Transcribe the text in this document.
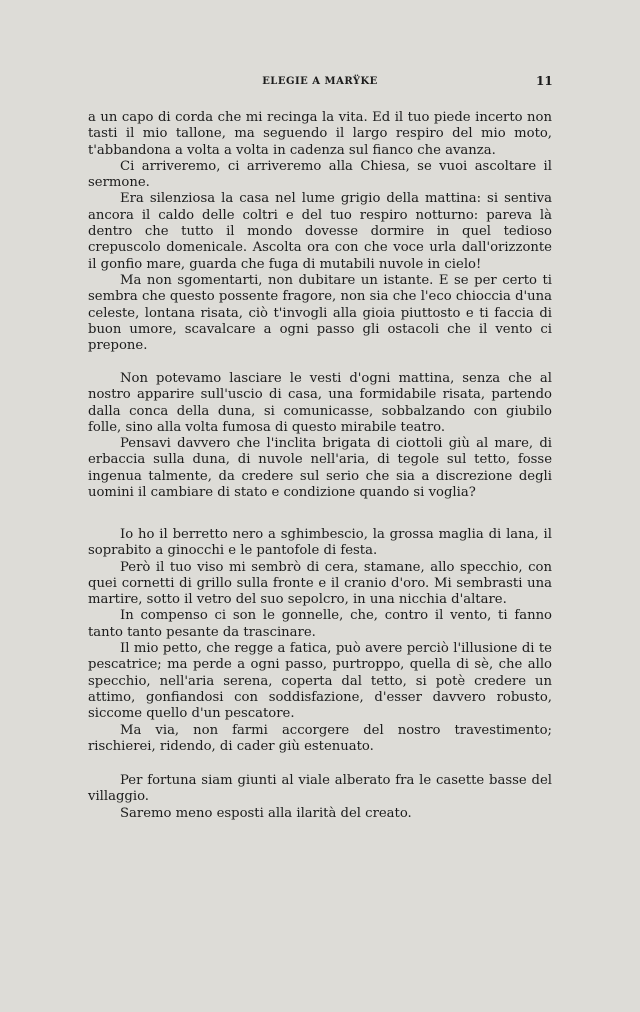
ELEGIE A MARŸKE	11

a un capo di corda che mi recinga la vita. Ed il tuo piede incerto non tasti il mio tallone, ma seguendo il largo respiro del mio moto, t'abbandona a volta a volta in cadenza sul fianco che avanza.

Ci arriveremo, ci arriveremo alla Chiesa, se vuoi ascoltare il sermone.

Era silenziosa la casa nel lume grigio della mattina: si sentiva ancora il caldo delle coltri e del tuo respiro notturno: pareva là dentro che tutto il mondo dovesse dormire in quel tedioso crepuscolo domenicale. Ascolta ora con che voce urla dall'orizzonte il gonfio mare, guarda che fuga di mutabili nuvole in cielo!

Ma non sgomentarti, non dubitare un istante. E se per certo ti sembra che questo possente fragore, non sia che l'eco chioccia d'una celeste, lontana risata, ciò t'invogli alla gioia piuttosto e ti faccia di buon umore, scavalcare a ogni passo gli ostacoli che il vento ci prepone.

Non potevamo lasciare le vesti d'ogni mattina, senza che al nostro apparire sull'uscio di casa, una formidabile risata, partendo dalla conca della duna, si comunicasse, sobbalzando con giubilo folle, sino alla volta fumosa di questo mirabile teatro.

Pensavi davvero che l'inclita brigata di ciottoli giù al mare, di erbaccia sulla duna, di nuvole nell'aria, di tegole sul tetto, fosse ingenua talmente, da credere sul serio che sia a discrezione degli uomini il cambiare di stato e condizione quando si voglia?

Io ho il berretto nero a sghimbescio, la grossa maglia di lana, il soprabito a ginocchi e le pantofole di festa.

Però il tuo viso mi sembrò di cera, stamane, allo specchio, con quei cornetti di grillo sulla fronte e il cranio d'oro. Mi sembrasti una martire, sotto il vetro del suo sepolcro, in una nicchia d'altare.

In compenso ci son le gonnelle, che, contro il vento, ti fanno tanto tanto pesante da trascinare.

Il mio petto, che regge a fatica, può avere perciò l'illusione di te pescatrice; ma perde a ogni passo, purtroppo, quella di sè, che allo specchio, nell'aria serena, coperta dal tetto, si potè credere un attimo, gonfiandosi con soddisfazione, d'esser davvero robusto, siccome quello d'un pescatore.

Ma via, non farmi accorgere del nostro travestimento; rischierei, ridendo, di cader giù estenuato.

Per fortuna siam giunti al viale alberato fra le casette basse del villaggio.

Saremo meno esposti alla ilarità del creato.
